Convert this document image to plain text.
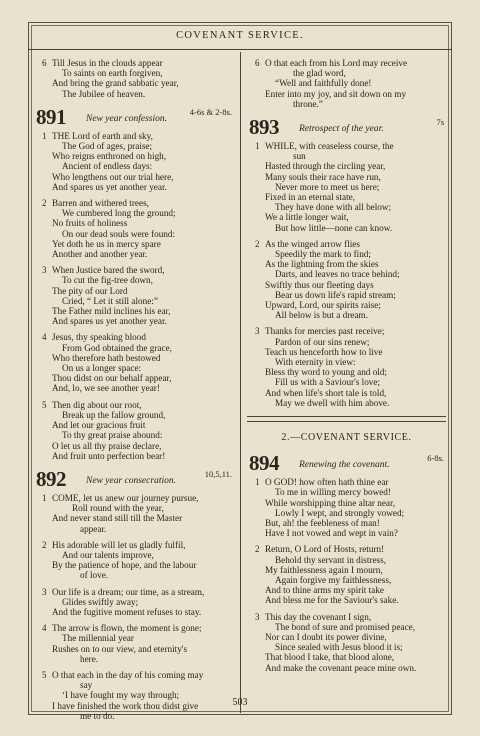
COVENANT SERVICE.
6 Till Jesus in the clouds appear
To saints on earth forgiven,
And bring the grand sabbatic year,
The Jubilee of heaven.
891 New year confession.
4-6s & 2-8s.
1 THE Lord of earth and sky,
The God of ages, praise;
Who reigns enthroned on high,
Ancient of endless days:
Who lengthens out our trial here,
And spares us yet another year.
2 Barren and withered trees,
We cumbered long the ground;
No fruits of holiness
On our dead souls were found:
Yet doth he us in mercy spare
Another and another year.
3 When Justice bared the sword,
To cut the fig-tree down,
The pity of our Lord
Cried, “ Let it still alone:”
The Father mild inclines his ear,
And spares us yet another year.
4 Jesus, thy speaking blood
From God obtained the grace,
Who therefore hath bestowed
On us a longer space:
Thou didst on our behalf appear,
And, lo, we see another year!
5 Then dig about our root,
Break up the fallow ground,
And let our gracious fruit
To thy great praise abound:
O let us all thy praise declare,
And fruit unto perfection bear!
892 New year consecration.
10,5,11.
1 COME, let us anew our journey pursue,
Roll round with the year,
And never stand still till the Master
appear.
2 His adorable will let us gladly fulfil,
And our talents improve,
By the patience of hope, and the labour
of love.
3 Our life is a dream; our time, as a stream,
Glides swiftly away;
And the fugitive moment refuses to stay.
4 The arrow is flown, the moment is gone;
The millennial year
Rushes on to our view, and eternity's
here.
5 O that each in the day of his coming may
say
‘I have fought my way through;
I have finished the work thou didst give
me to do.
6 O that each from his Lord may receive
the glad word,
“Well and faithfully done!
Enter into my joy, and sit down on my
throne.”
893 Retrospect of the year.
7s
1 WHILE, with ceaseless course, the
sun
Hasted through the circling year,
Many souls their race have run,
Never more to meet us here;
Fixed in an eternal state,
They have done with all below;
We a little longer wait,
But how little—none can know.
2 As the winged arrow flies
Speedily the mark to find;
As the lightning from the skies
Darts, and leaves no trace behind;
Swiftly thus our fleeting days
Bear us down life's rapid stream;
Upward, Lord, our spirits raise;
All below is but a dream.
3 Thanks for mercies past receive;
Pardon of our sins renew;
Teach us henceforth how to live
With eternity in view:
Bless thy word to young and old;
Fill us with a Saviour's love;
And when life's short tale is told,
May we dwell with him above.
2.—COVENANT SERVICE.
894 Renewing the covenant.
6-8s.
1 O GOD! how often hath thine ear
To me in willing mercy bowed!
While worshipping thine altar near,
Lowly I wept, and strongly vowed;
But, ah! the feebleness of man!
Have I not vowed and wept in vain?
2 Return, O Lord of Hosts, return!
Behold thy servant in distress,
My faithlessness again I mourn,
Again forgive my faithlessness,
And to thine arms my spirit take
And bless me for the Saviour's sake.
3 This day the covenant I sign,
The bond of sure and promised peace,
Nor can I doubt its power divine,
Since sealed with Jesus blood it is;
That blood I take, that blood alone,
And make the covenant peace mine own.
503
